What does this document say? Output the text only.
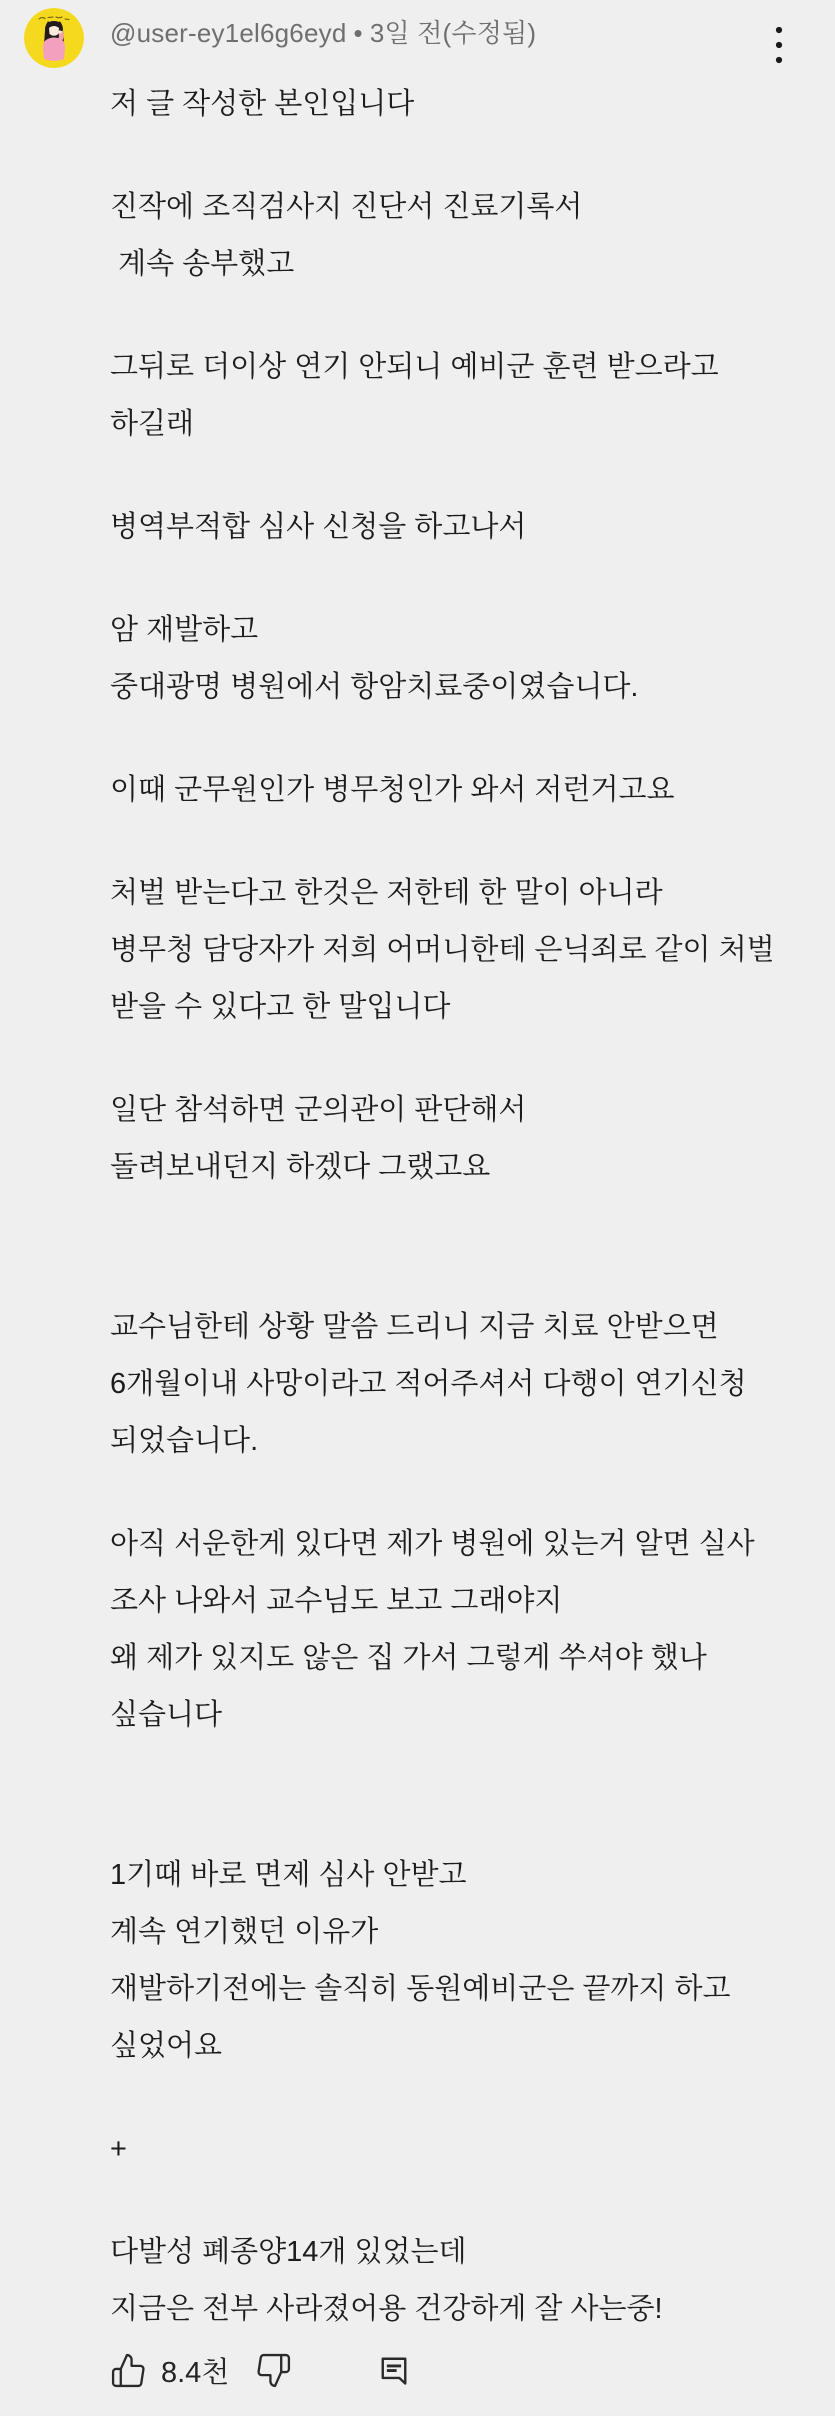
@user-ey1el6g6eyd • 3일 전(수정됨)
저 글 작성한 본인입니다
진작에 조직검사지 진단서 진료기록서
계속 송부했고
그뒤로 더이상 연기 안되니 예비군 훈련 받으라고
하길래
병역부적합 심사 신청을 하고나서
암 재발하고
중대광명 병원에서 항암치료중이였습니다.
이때 군무원인가 병무청인가 와서 저런거고요
처벌 받는다고 한것은 저한테 한 말이 아니라
병무청 담당자가 저희 어머니한테 은닉죄로 같이 처벌
받을 수 있다고 한 말입니다
일단 참석하면 군의관이 판단해서
돌려보내던지 하겠다 그랬고요
교수님한테 상황 말씀 드리니 지금 치료 안받으면
6개월이내 사망이라고 적어주셔서 다행이 연기신청
되었습니다.
아직 서운한게 있다면 제가 병원에 있는거 알면 실사
조사 나와서 교수님도 보고 그래야지
왜 제가 있지도 않은 집 가서 그렇게 쑤셔야 했나
싶습니다
1기때 바로 면제 심사 안받고
계속 연기했던 이유가
재발하기전에는 솔직히 동원예비군은 끝까지 하고
싶었어요
+
다발성 폐종양14개 있었는데
지금은 전부 사라졌어용 건강하게 잘 사는중!
8.4천
